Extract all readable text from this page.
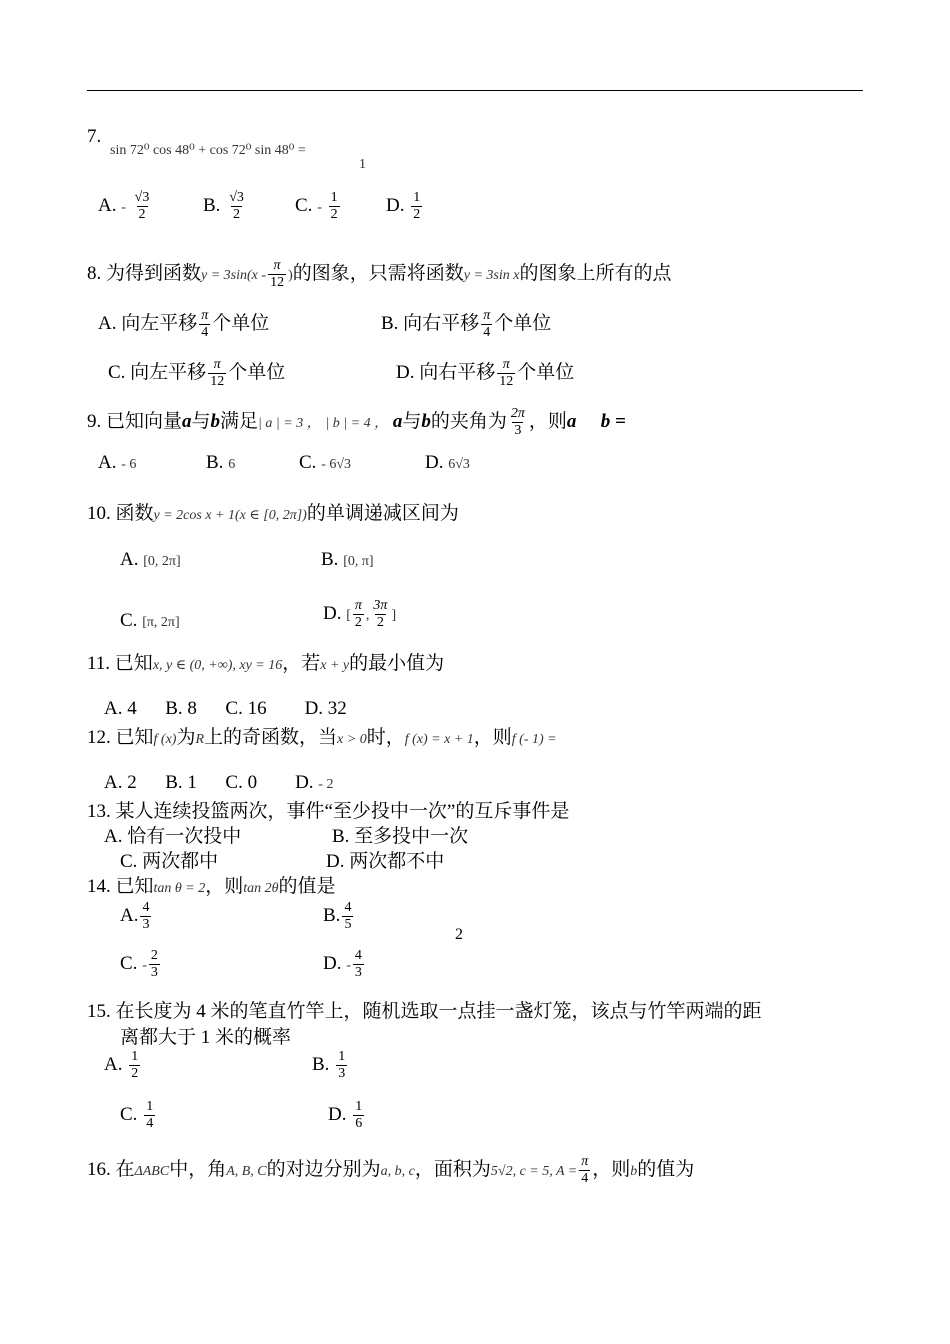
7.
sin 72⁰ cos 48⁰ + cos 72⁰ sin 48⁰ =
1
A. - $\frac{√3}{2}$	B. $\frac{√3}{2}$	C. - $\frac{1}{2} D$. $\frac{1}{2}$
8. 为得到函数$y = 3\sin(x - \frac{\pi}{12}$ )的图象，只需将函数y = 3sin x的图象上所有的点
A. 向左平移 $\frac{\pi}{4}$ 个单位	B. 向右平移 $\frac{\pi}{4}$ 个单位
C. 向左平移 $\frac{\pi}{12}$ 个单位	D. 向右平移 $\frac{\pi}{12}$ 个单位
9. 已知向量a与b满足| a | = 3 ， | b | = 4 ， a与b的夹角为 $\frac{2\pi}{3}$ ，则a ⃞ b =
A. - 6	B. 6	C. - 6√3	D. 6√3
10. 函数y = 2cos x + 1(x ∈ [0, 2π])的单调递减区间为
A. [0, 2π]	B. [0, π]
C. [π, 2π]	D. [ $\frac{\pi}{2}$ , $\frac{3\pi}{2}$ ]
11. 已知x, y ∈ (0, +∞), xy = 16，若x + y的最小值为
A. 4      B. 8      C. 16        D. 32
12. 已知f (x)为R上的奇函数，当x > 0时，f (x) = x + 1，则f (- 1) =
A. 2      B. 1      C. 0        D. - 2
13. 某人连续投篮两次，事件“至少投中一次”的互斥事件是
A. 恰有一次投中	B. 至多投中一次
C. 两次都中	D. 两次都不中
14. 已知tan θ = 2，则tan 2θ的值是
A. $\frac{4}{3}$	B. $\frac{4}{5}$
2
C. - $\frac{2}{3}$	D. - $\frac{4}{3}$
15. 在长度为 4 米的笔直竹竿上，随机选取一点挂一盏灯笼，该点与竹竿两端的距
离都大于 1 米的概率
A. $\frac{1}{2}$	B. $\frac{1}{3}$
C. $\frac{1}{4}$	D. $\frac{1}{6}$
16. 在ΔABC中，角A, B, C的对边分别为a, b, c，面积为5√2, c = 5, $A = \frac{\pi}{4}$ ，则b的值为
